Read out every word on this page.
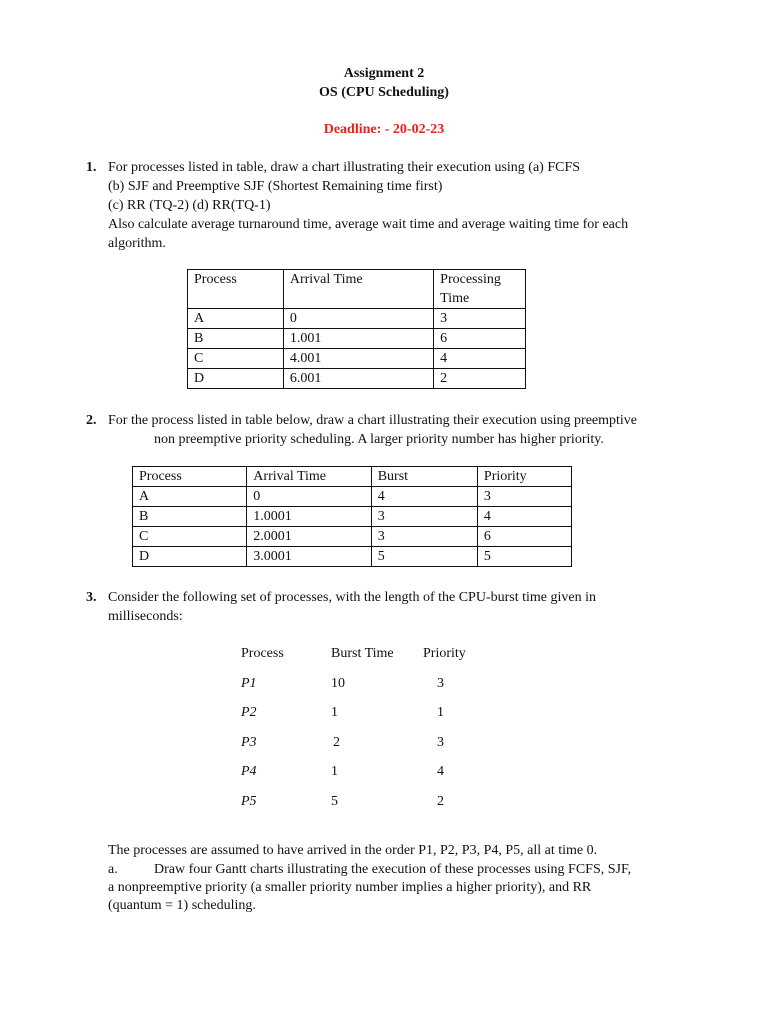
Assignment 2
OS (CPU Scheduling)
Deadline: - 20-02-23
1. For processes listed in table, draw a chart illustrating their execution using (a) FCFS
(b) SJF and Preemptive SJF (Shortest Remaining time first)
(c) RR (TQ-2) (d) RR(TQ-1)
Also calculate average turnaround time, average wait time and average waiting time for each
algorithm.
Process	Arrival Time	Processing Time
A	0	3
B	1.001	6
C	4.001	4
D	6.001	2
2. For the process listed in table below, draw a chart illustrating their execution using preemptive
non preemptive priority scheduling. A larger priority number has higher priority.
Process	Arrival Time	Burst	Priority
A	0	4	3
B	1.0001	3	4
C	2.0001	3	6
D	3.0001	5	5
3. Consider the following set of processes, with the length of the CPU-burst time given in
milliseconds:
Process	Burst Time	Priority
P1	10	3
P2	1	1
P3	2	3
P4	1	4
P5	5	2
The processes are assumed to have arrived in the order P1, P2, P3, P4, P5, all at time 0.
a.	Draw four Gantt charts illustrating the execution of these processes using FCFS, SJF,
a nonpreemptive priority (a smaller priority number implies a higher priority), and RR
(quantum = 1) scheduling.
